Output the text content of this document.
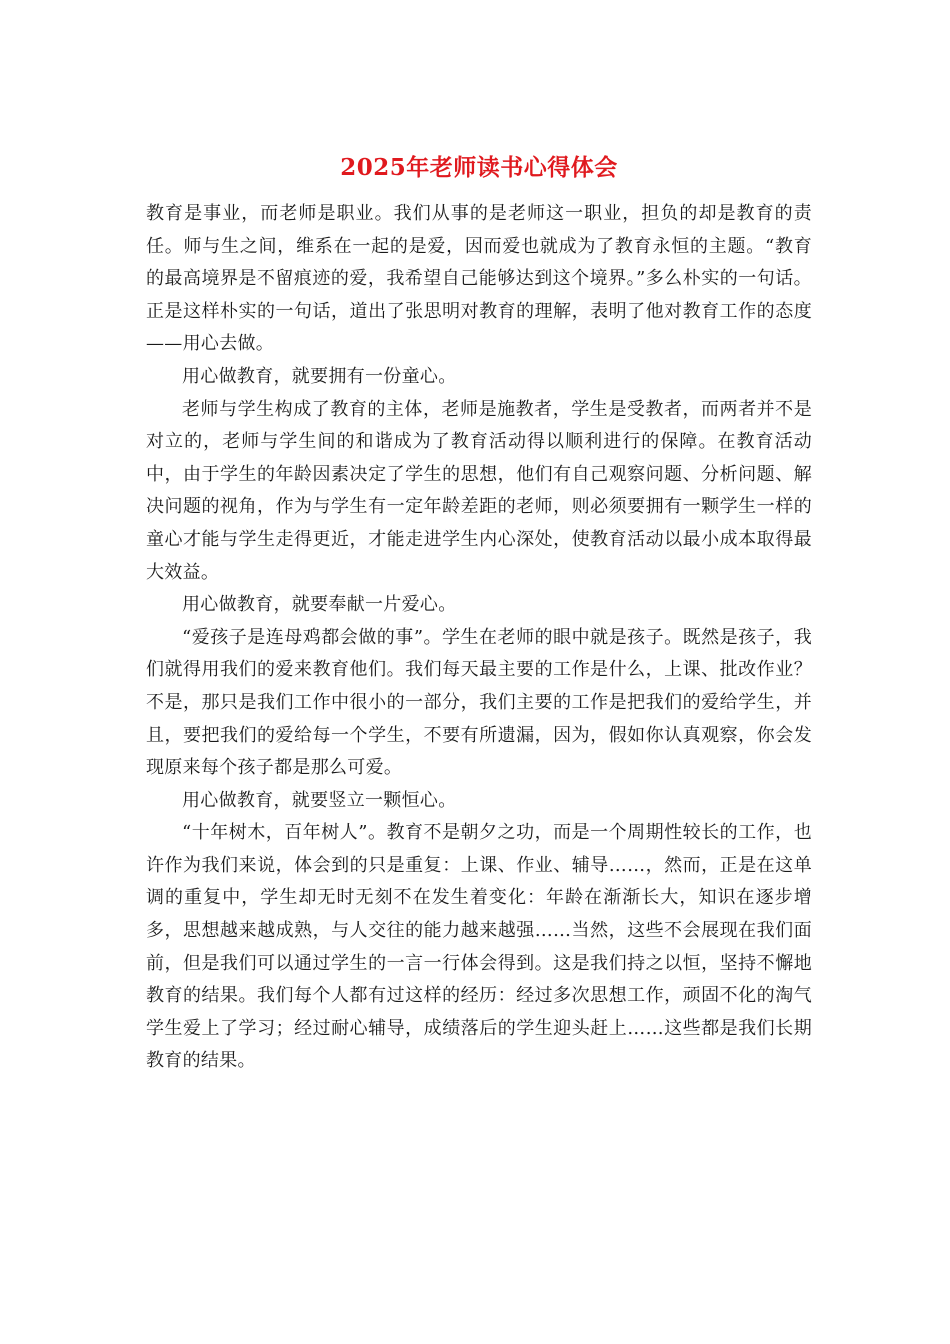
2025年老师读书心得体会

教育是事业，而老师是职业。我们从事的是老师这一职业，担负的却是教育的责任。师与生之间，维系在一起的是爱，因而爱也就成为了教育永恒的主题。“教育的最高境界是不留痕迹的爱，我希望自己能够达到这个境界。”多么朴实的一句话。正是这样朴实的一句话，道出了张思明对教育的理解，表明了他对教育工作的态度——用心去做。

用心做教育，就要拥有一份童心。

老师与学生构成了教育的主体，老师是施教者，学生是受教者，而两者并不是对立的，老师与学生间的和谐成为了教育活动得以顺利进行的保障。在教育活动中，由于学生的年龄因素决定了学生的思想，他们有自己观察问题、分析问题、解决问题的视角，作为与学生有一定年龄差距的老师，则必须要拥有一颗学生一样的童心才能与学生走得更近，才能走进学生内心深处，使教育活动以最小成本取得最大效益。

用心做教育，就要奉献一片爱心。

“爱孩子是连母鸡都会做的事”。学生在老师的眼中就是孩子。既然是孩子，我们就得用我们的爱来教育他们。我们每天最主要的工作是什么，上课、批改作业？不是，那只是我们工作中很小的一部分，我们主要的工作是把我们的爱给学生，并且，要把我们的爱给每一个学生，不要有所遗漏，因为，假如你认真观察，你会发现原来每个孩子都是那么可爱。

用心做教育，就要竖立一颗恒心。

“十年树木，百年树人”。教育不是朝夕之功，而是一个周期性较长的工作，也许作为我们来说，体会到的只是重复：上课、作业、辅导……，然而，正是在这单调的重复中，学生却无时无刻不在发生着变化：年龄在渐渐长大，知识在逐步增多，思想越来越成熟，与人交往的能力越来越强……当然，这些不会展现在我们面前，但是我们可以通过学生的一言一行体会得到。这是我们持之以恒，坚持不懈地教育的结果。我们每个人都有过这样的经历：经过多次思想工作，顽固不化的淘气学生爱上了学习；经过耐心辅导，成绩落后的学生迎头赶上……这些都是我们长期教育的结果。
